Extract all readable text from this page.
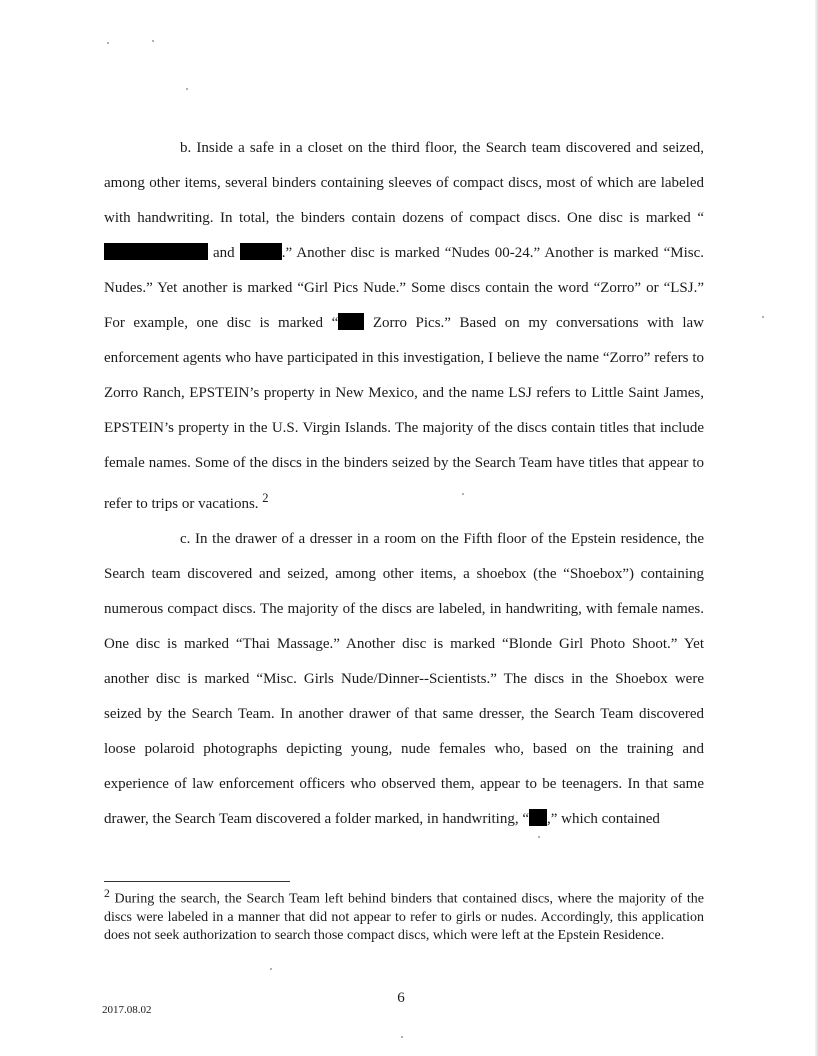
b. Inside a safe in a closet on the third floor, the Search team discovered and seized, among other items, several binders containing sleeves of compact discs, most of which are labeled with handwriting. In total, the binders contain dozens of compact discs. One disc is marked “ and	.” Another disc is marked “Nudes 00-24.” Another is marked “Misc. Nudes.” Yet another is marked “Girl Pics Nude.” Some discs contain the word “Zorro” or “LSJ.” For example, one disc is marked “ Zorro Pics.” Based on my conversations with law enforcement agents who have participated in this investigation, I believe the name “Zorro” refers to Zorro Ranch, EPSTEIN’s property in New Mexico, and the name LSJ refers to Little Saint James, EPSTEIN’s property in the U.S. Virgin Islands. The majority of the discs contain titles that include female names. Some of the discs in the binders seized by the Search Team have titles that appear to refer to trips or vacations. $^2$

c. In the drawer of a dresser in a room on the Fifth floor of the Epstein residence, the Search team discovered and seized, among other items, a shoebox (the “Shoebox”) containing numerous compact discs. The majority of the discs are labeled, in handwriting, with female names. One disc is marked “Thai Massage.” Another disc is marked “Blonde Girl Photo Shoot.” Yet another disc is marked “Misc. Girls Nude/Dinner--Scientists.” The discs in the Shoebox were seized by the Search Team. In another drawer of that same dresser, the Search Team discovered loose polaroid photographs depicting young, nude females who, based on the training and experience of law enforcement officers who observed them, appear to be teenagers. In that same drawer, the Search Team discovered a folder marked, in handwriting, “ ,” which contained

$^2$ During the search, the Search Team left behind binders that contained discs, where the majority of the discs were labeled in a manner that did not appear to refer to girls or nudes. Accordingly, this application does not seek authorization to search those compact discs, which were left at the Epstein Residence.

6
2017.08.02
